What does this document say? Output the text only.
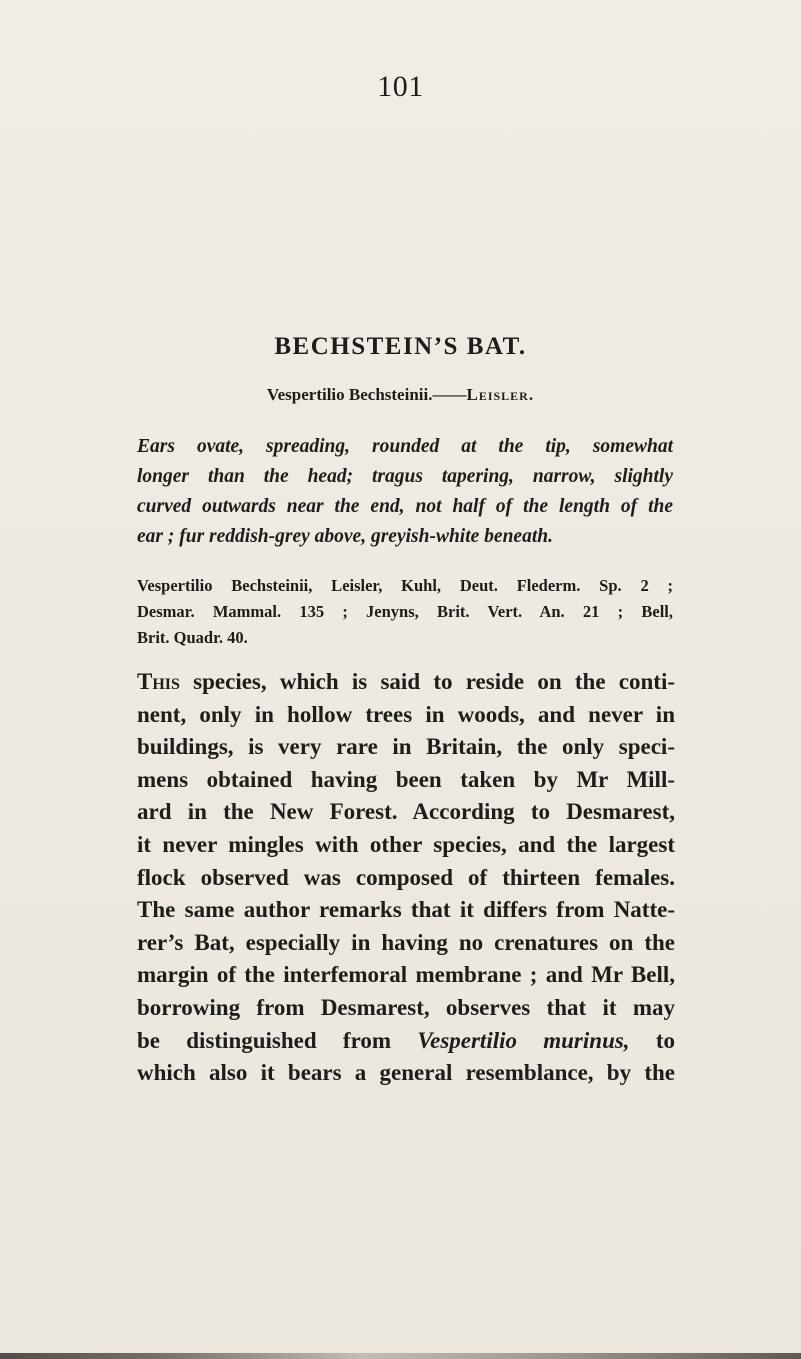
101
BECHSTEIN’S BAT.
Vespertilio Bechsteinii.——Leisler.
Ears ovate, spreading, rounded at the tip, somewhat
longer than the head; tragus tapering, narrow, slightly
curved outwards near the end, not half of the length of the
ear ; fur reddish-grey above, greyish-white beneath.
Vespertilio Bechsteinii, Leisler, Kuhl, Deut. Flederm. Sp. 2 ;
Desmar. Mammal. 135 ; Jenyns, Brit. Vert. An. 21 ; Bell,
Brit. Quadr. 40.
This species, which is said to reside on the conti-
nent, only in hollow trees in woods, and never in
buildings, is very rare in Britain, the only speci-
mens obtained having been taken by Mr Mill-
ard in the New Forest. According to Desmarest,
it never mingles with other species, and the largest
flock observed was composed of thirteen females.
The same author remarks that it differs from Natte-
rer’s Bat, especially in having no crenatures on the
margin of the interfemoral membrane ; and Mr Bell,
borrowing from Desmarest, observes that it may
be distinguished from Vespertilio murinus, to
which also it bears a general resemblance, by the
